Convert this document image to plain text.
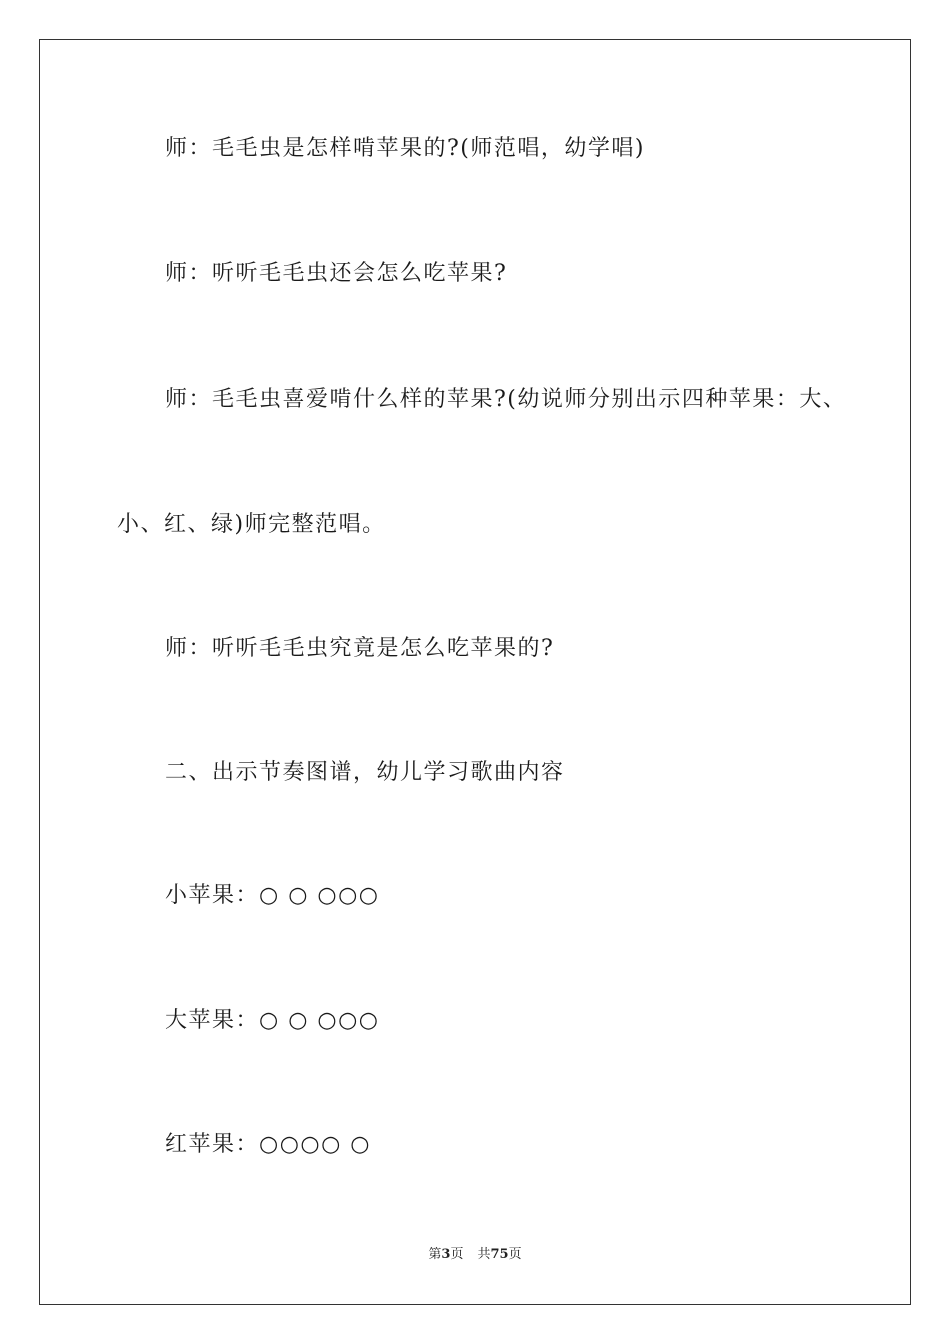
师：毛毛虫是怎样啃苹果的?(师范唱，幼学唱)
师：听听毛毛虫还会怎么吃苹果?
师：毛毛虫喜爱啃什么样的苹果?(幼说师分别出示四种苹果：大、
小、红、绿)师完整范唱。
师：听听毛毛虫究竟是怎么吃苹果的?
二、出示节奏图谱，幼儿学习歌曲内容
小苹果：○ ○ ○○○
大苹果：○ ○ ○○○
红苹果：○○○○ ○
第3页 共75页
